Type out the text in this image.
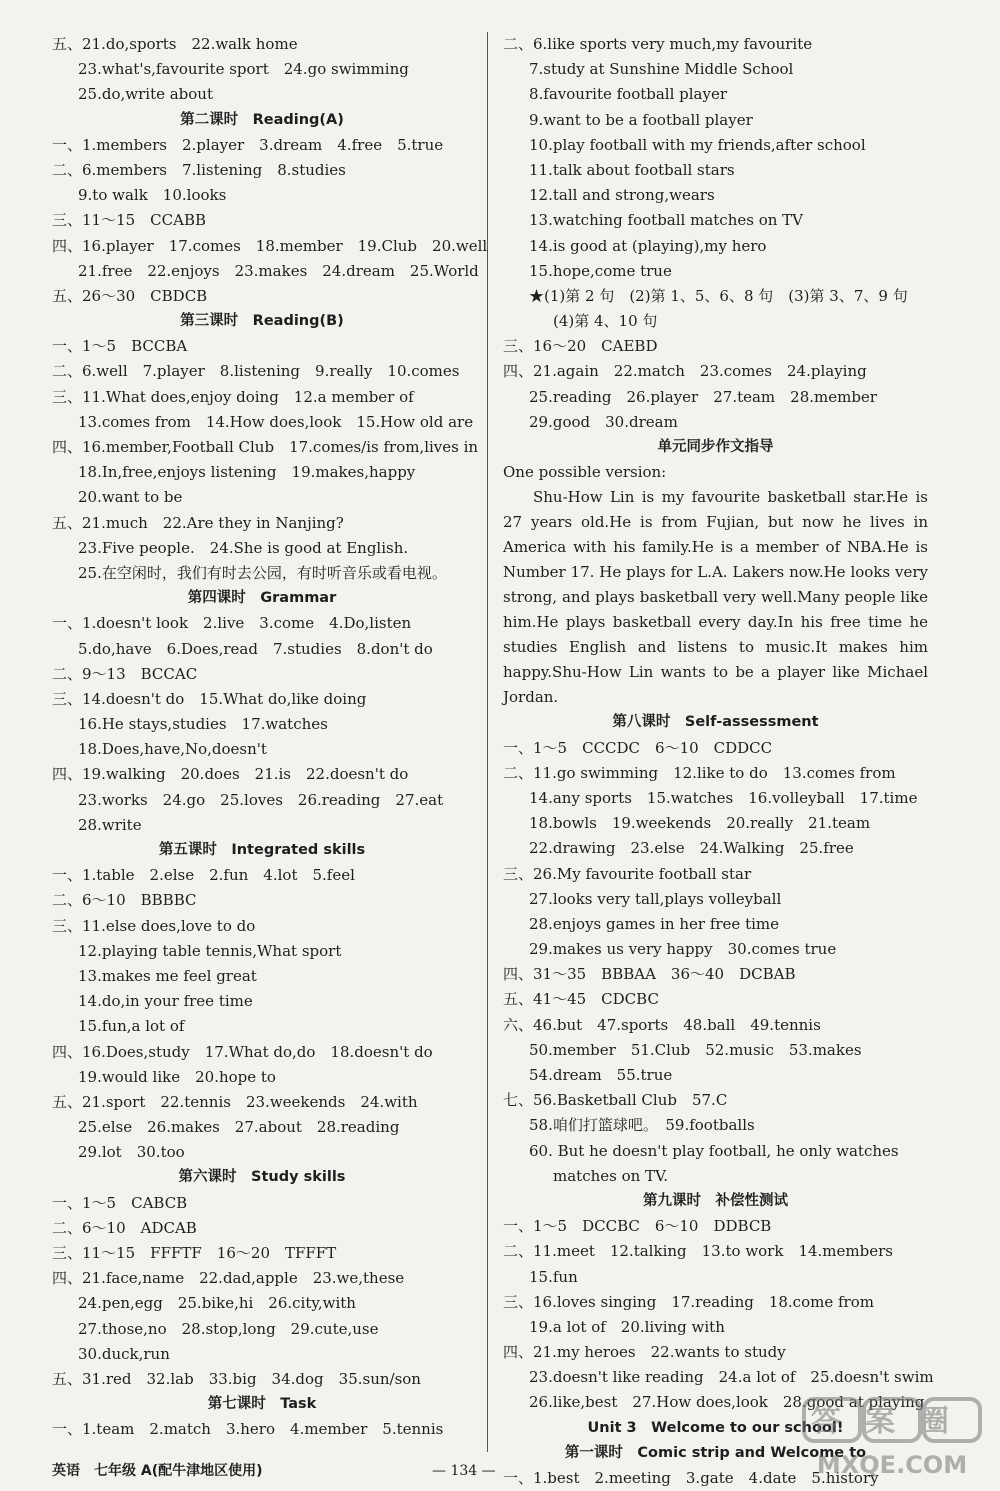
五、21.do,sports　22.walk home
23.what's,favourite sport　24.go swimming
25.do,write about
第二课时　Reading(A)
一、1.members　2.player　3.dream　4.free　5.true
二、6.members　7.listening　8.studies
9.to walk　10.looks
三、11～15　CCABB
四、16.player　17.comes　18.member　19.Club　20.well
21.free　22.enjoys　23.makes　24.dream　25.World
五、26～30　CBDCB
第三课时　Reading(B)
一、1～5　BCCBA
二、6.well　7.player　8.listening　9.really　10.comes
三、11.What does,enjoy doing　12.a member of
13.comes from　14.How does,look　15.How old are
四、16.member,Football Club　17.comes/is from,lives in
18.In,free,enjoys listening　19.makes,happy
20.want to be
五、21.much　22.Are they in Nanjing?
23.Five people.　24.She is good at English.
25.在空闲时，我们有时去公园，有时听音乐或看电视。
第四课时　Grammar
一、1.doesn't look　2.live　3.come　4.Do,listen
5.do,have　6.Does,read　7.studies　8.don't do
二、9～13　BCCAC
三、14.doesn't do　15.What do,like doing
16.He stays,studies　17.watches
18.Does,have,No,doesn't
四、19.walking　20.does　21.is　22.doesn't do
23.works　24.go　25.loves　26.reading　27.eat
28.write
第五课时　Integrated skills
一、1.table　2.else　2.fun　4.lot　5.feel
二、6～10　BBBBC
三、11.else does,love to do
12.playing table tennis,What sport
13.makes me feel great
14.do,in your free time
15.fun,a lot of
四、16.Does,study　17.What do,do　18.doesn't do
19.would like　20.hope to
五、21.sport　22.tennis　23.weekends　24.with
25.else　26.makes　27.about　28.reading
29.lot　30.too
第六课时　Study skills
一、1～5　CABCB
二、6～10　ADCAB
三、11～15　FFFTF　16～20　TFFFT
四、21.face,name　22.dad,apple　23.we,these
24.pen,egg　25.bike,hi　26.city,with
27.those,no　28.stop,long　29.cute,use
30.duck,run
五、31.red　32.lab　33.big　34.dog　35.sun/son
第七课时　Task
一、1.team　2.match　3.hero　4.member　5.tennis
二、6.like sports very much,my favourite
7.study at Sunshine Middle School
8.favourite football player
9.want to be a football player
10.play football with my friends,after school
11.talk about football stars
12.tall and strong,wears
13.watching football matches on TV
14.is good at (playing),my hero
15.hope,come true
★(1)第 2 句　(2)第 1、5、6、8 句　(3)第 3、7、9 句
(4)第 4、10 句
三、16～20　CAEBD
四、21.again　22.match　23.comes　24.playing
25.reading　26.player　27.team　28.member
29.good　30.dream
单元同步作文指导
One possible version:

Shu-How Lin is my favourite basketball star.He is 27 years old.He is from Fujian, but now he lives in America with his family.He is a member of NBA.He is Number 17. He plays for L.A. Lakers now.He looks very strong, and plays basketball very well.Many people like him.He plays basketball every day.In his free time he studies English and listens to music.It makes him happy.Shu-How Lin wants to be a player like Michael Jordan.

第八课时　Self-assessment
一、1～5　CCCDC　6～10　CDDCC
二、11.go swimming　12.like to do　13.comes from
14.any sports　15.watches　16.volleyball　17.time
18.bowls　19.weekends　20.really　21.team
22.drawing　23.else　24.Walking　25.free
三、26.My favourite football star
27.looks very tall,plays volleyball
28.enjoys games in her free time
29.makes us very happy　30.comes true
四、31～35　BBBAA　36～40　DCBAB
五、41～45　CDCBC
六、46.but　47.sports　48.ball　49.tennis
50.member　51.Club　52.music　53.makes
54.dream　55.true
七、56.Basketball Club　57.C
58.咱们打篮球吧。　59.footballs
60. But he doesn't play football, he only watches
matches on TV.
第九课时　补偿性测试
一、1～5　DCCBC　6～10　DDBCB
二、11.meet　12.talking　13.to work　14.members
15.fun
三、16.loves singing　17.reading　18.come from
19.a lot of　20.living with
四、21.my heroes　22.wants to study
23.doesn't like reading　24.a lot of　25.doesn't swim
26.like,best　27.How does,look　28.good at playing
Unit 3　Welcome to our school!
第一课时　Comic strip and Welcome to
一、1.best　2.meeting　3.gate　4.date　5.history
英语　七年级 A(配牛津地区使用)	— 134 —
答案圈
MXQE.COM
